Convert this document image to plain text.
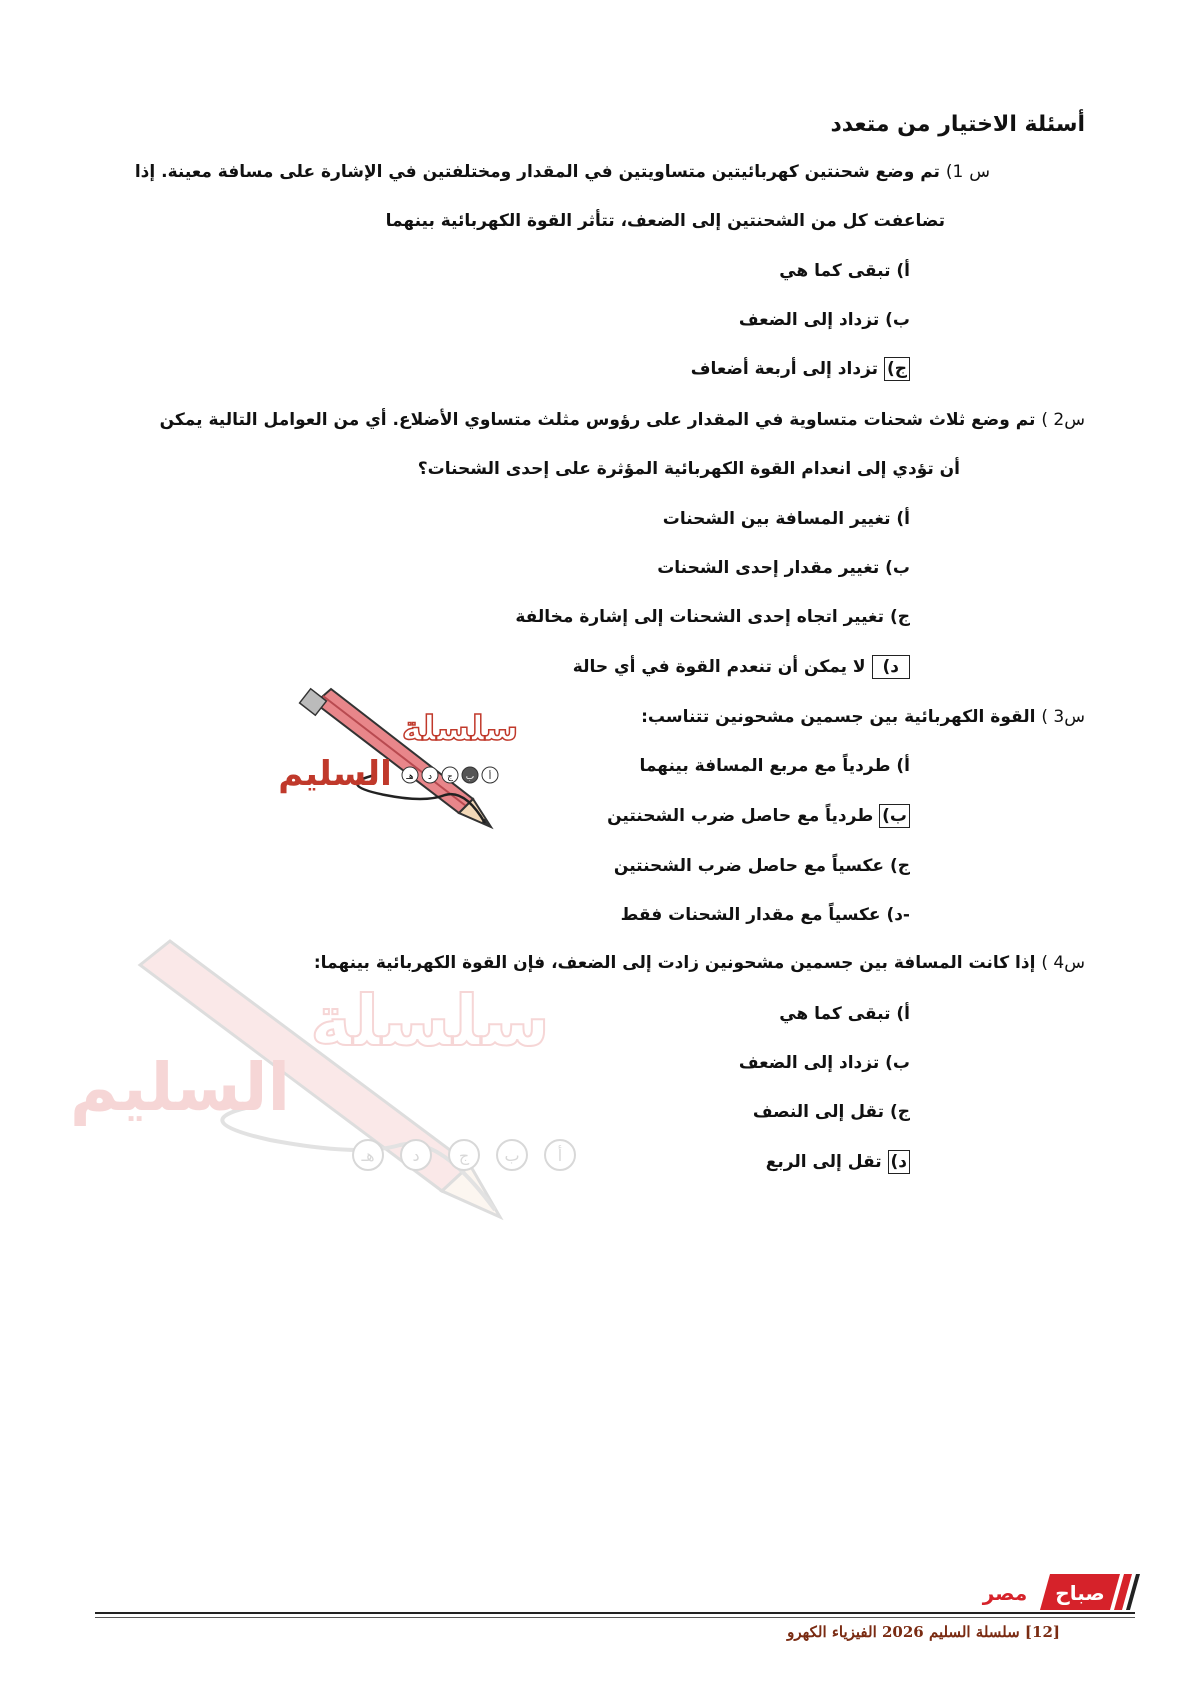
أسئلة الاختيار من متعدد
س 1) تم وضع شحنتين كهربائيتين متساويتين في المقدار ومختلفتين في الإشارة على مسافة معينة. إذا
تضاعفت كل من الشحنتين إلى الضعف، تتأثر القوة الكهربائية بينهما
أ) تبقى كما هي
ب) تزداد إلى الضعف
ج) تزداد إلى أربعة أضعاف
س2 ) تم وضع ثلاث شحنات متساوية في المقدار على رؤوس مثلث متساوي الأضلاع. أي من العوامل التالية يمكن
أن تؤدي إلى انعدام القوة الكهربائية المؤثرة على إحدى الشحنات؟
أ) تغيير المسافة بين الشحنات
ب) تغيير مقدار إحدى الشحنات
ج) تغيير اتجاه إحدى الشحنات إلى إشارة مخالفة
د) لا يمكن أن تنعدم القوة في أي حالة
س3 ) القوة الكهربائية بين جسمين مشحونين تتناسب:
أ) طردياً مع مربع المسافة بينهما
ب) طردياً مع حاصل ضرب الشحنتين
ج) عكسياً مع حاصل ضرب الشحنتين
-د) عكسياً مع مقدار الشحنات فقط
س4 ) إذا كانت المسافة بين جسمين مشحونين زادت إلى الضعف، فإن القوة الكهربائية بينهما:
أ) تبقى كما هي
ب) تزداد إلى الضعف
ج) تقل إلى النصف
د) تقل إلى الربع
سلسلة
السليم	أ
ب
ج
د
هـ
سلسلة
السليم
أ
ب
ج
د
هـ
صباح
مصر
[12] سلسلة السليم 2026 الفيزياء الكهرو
